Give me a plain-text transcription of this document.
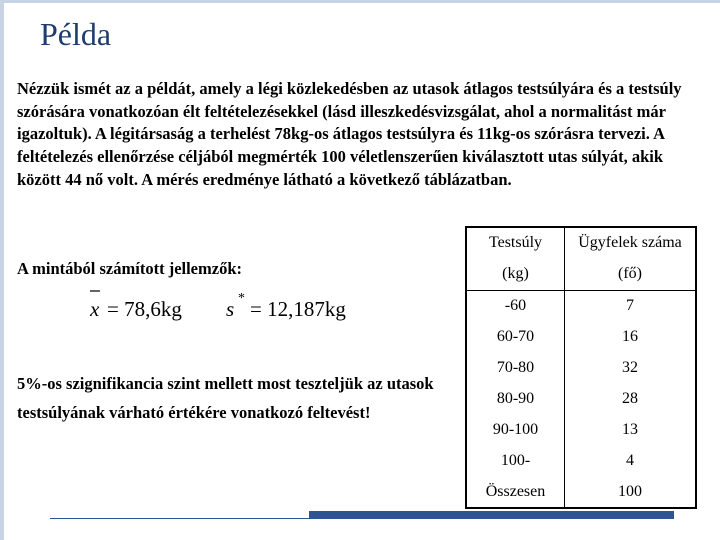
Példa
Nézzük ismét az a példát, amely a légi közlekedésben az utasok átlagos testsúlyára és a testsúly szórására vonatkozóan élt feltételezésekkel (lásd illeszkedésvizsgálat, ahol a normalitást már igazoltuk). A légitársaság a terhelést 78kg-os átlagos testsúlyra és 11kg-os szórásra tervezi. A feltételezés ellenőrzése céljából megmérték 100 véletlenszerűen kiválasztott utas súlyát, akik között 44 nő volt. A mérés eredménye látható a következő táblázatban.
A mintából számított jellemzők:
x = 78,6kg s * = 12,187kg
5%-os szignifikancia szint mellett most teszteljük az utasok testsúlyának várható értékére vonatkozó feltevést!
Testsúly	Ügyfelek száma
(kg)	(fő)
-60	7
60-70	16
70-80	32
80-90	28
90-100	13
100-	4
Összesen	100
